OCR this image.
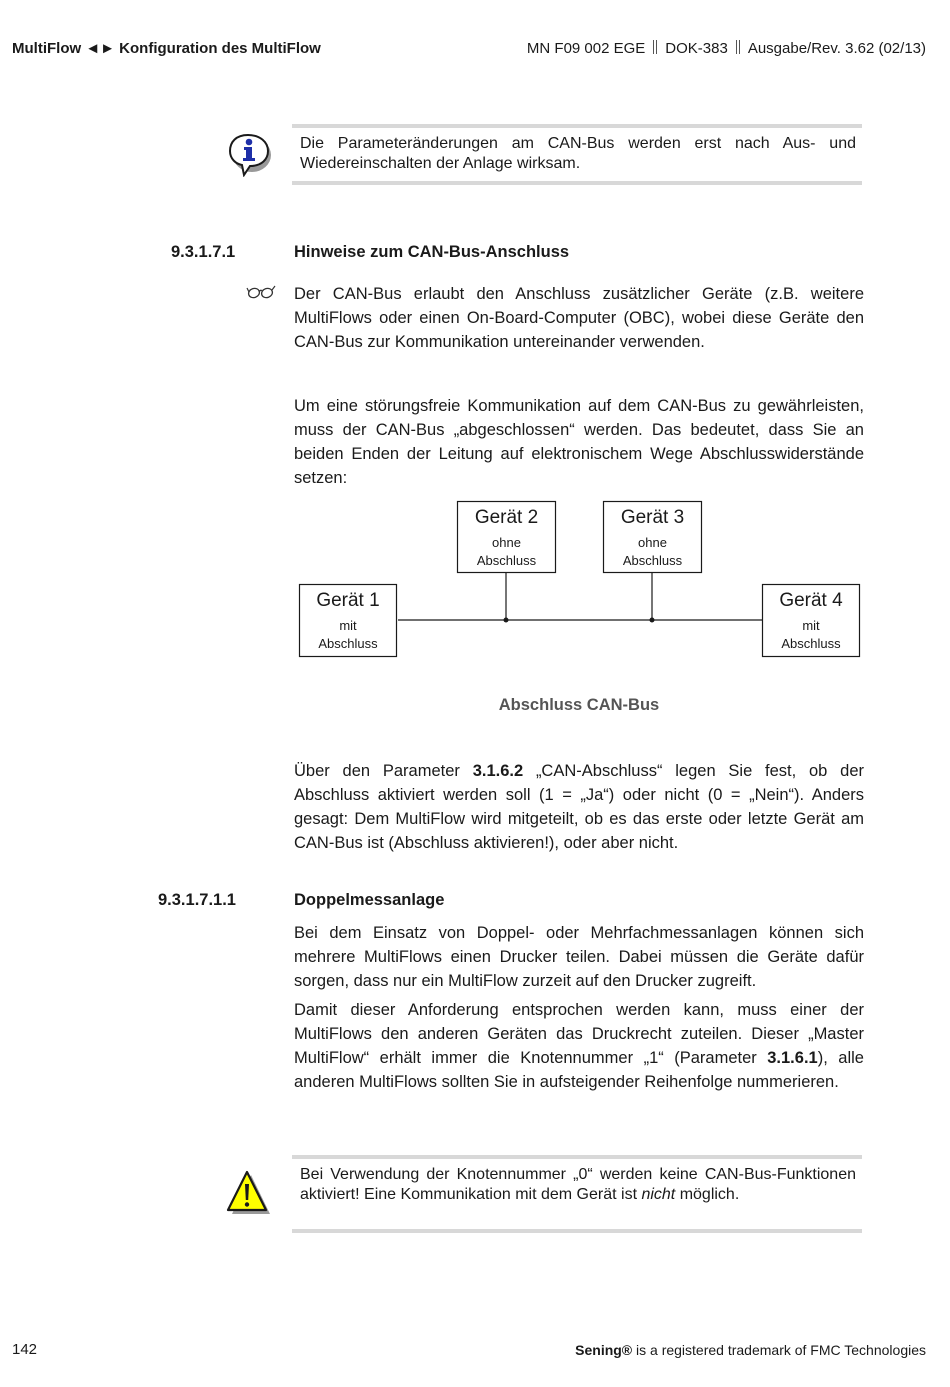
MultiFlow ◄► Konfiguration des MultiFlow	MN F09 002 EGE DOK-383 Ausgabe/Rev. 3.62 (02/13)
Die Parameteränderungen am CAN-Bus werden erst nach Aus- und Wiedereinschalten der Anlage wirksam.
9.3.1.7.1	Hinweise zum CAN-Bus-Anschluss
Der CAN-Bus erlaubt den Anschluss zusätzlicher Geräte (z.B. weitere MultiFlows oder einen On-Board-Computer (OBC), wobei diese Geräte den CAN-Bus zur Kommunikation untereinander verwenden.
Um eine störungsfreie Kommunikation auf dem CAN-Bus zu gewährleisten, muss der CAN-Bus „abgeschlossen“ werden. Das bedeutet, dass Sie an beiden Enden der Leitung auf elektronischem Wege Abschlusswiderstände setzen:
Gerät 2
ohne
Abschluss
Gerät 3
ohne
Abschluss
Gerät 1
mit
Abschluss
Gerät 4
mit
Abschluss
Abschluss CAN-Bus
Über den Parameter 3.1.6.2 „CAN-Abschluss“ legen Sie fest, ob der Abschluss aktiviert werden soll (1 = „Ja“) oder nicht (0 = „Nein“). Anders gesagt: Dem MultiFlow wird mitgeteilt, ob es das erste oder letzte Gerät am CAN-Bus ist (Abschluss aktivieren!), oder aber nicht.
9.3.1.7.1.1	Doppelmessanlage
Bei dem Einsatz von Doppel- oder Mehrfachmessanlagen können sich mehrere MultiFlows einen Drucker teilen. Dabei müssen die Geräte dafür sorgen, dass nur ein MultiFlow zurzeit auf den Drucker zugreift.
Damit dieser Anforderung entsprochen werden kann, muss einer der MultiFlows den anderen Geräten das Druckrecht zuteilen. Dieser „Master MultiFlow“ erhält immer die Knotennummer „1“ (Parameter 3.1.6.1), alle anderen MultiFlows sollten Sie in aufsteigender Reihenfolge nummerieren.
Bei Verwendung der Knotennummer „0“ werden keine CAN-Bus-Funktionen aktiviert! Eine Kommunikation mit dem Gerät ist nicht möglich.
142	Sening® is a registered trademark of FMC Technologies
